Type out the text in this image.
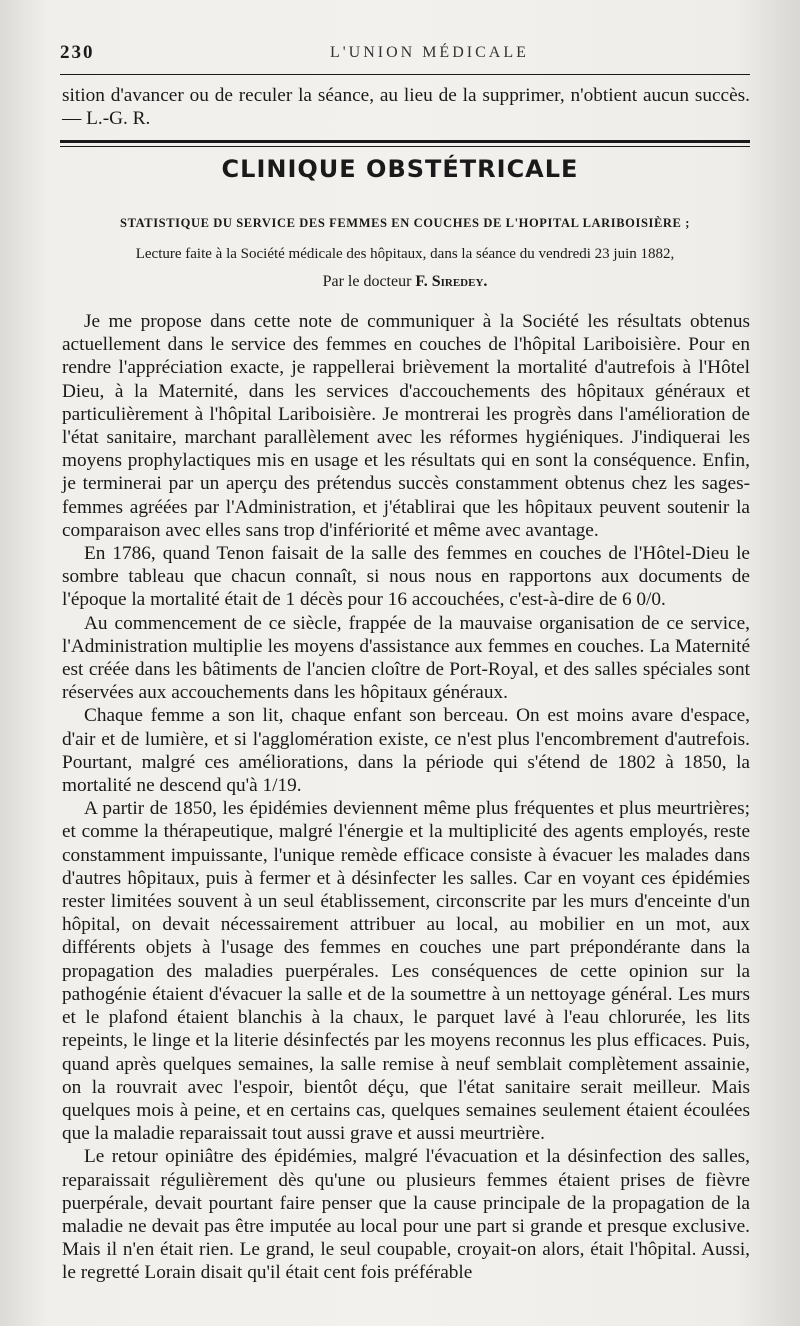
230	L'UNION MÉDICALE

sition d'avancer ou de reculer la séance, au lieu de la supprimer, n'obtient aucun succès. — L.-G. R.

CLINIQUE OBSTÉTRICALE
STATISTIQUE DU SERVICE DES FEMMES EN COUCHES DE L'HOPITAL LARIBOISIÈRE ;
Lecture faite à la Société médicale des hôpitaux, dans la séance du vendredi 23 juin 1882,
Par le docteur F. Siredey.

Je me propose dans cette note de communiquer à la Société les résultats obtenus actuellement dans le service des femmes en couches de l'hôpital Lariboisière. Pour en rendre l'appréciation exacte, je rappellerai brièvement la mortalité d'autrefois à l'Hôtel Dieu, à la Maternité, dans les services d'accouchements des hôpitaux généraux et particulièrement à l'hôpital Lariboisière. Je montrerai les progrès dans l'amélioration de l'état sanitaire, marchant parallèlement avec les réformes hygiéniques. J'indiquerai les moyens prophylactiques mis en usage et les résultats qui en sont la conséquence. Enfin, je terminerai par un aperçu des prétendus succès constamment obtenus chez les sages-femmes agréées par l'Administration, et j'établirai que les hôpitaux peuvent soutenir la comparaison avec elles sans trop d'infériorité et même avec avantage.

En 1786, quand Tenon faisait de la salle des femmes en couches de l'Hôtel-Dieu le sombre tableau que chacun connaît, si nous nous en rapportons aux documents de l'époque la mortalité était de 1 décès pour 16 accouchées, c'est-à-dire de 6 0/0.

Au commencement de ce siècle, frappée de la mauvaise organisation de ce service, l'Administration multiplie les moyens d'assistance aux femmes en couches. La Maternité est créée dans les bâtiments de l'ancien cloître de Port-Royal, et des salles spéciales sont réservées aux accouchements dans les hôpitaux généraux.

Chaque femme a son lit, chaque enfant son berceau. On est moins avare d'espace, d'air et de lumière, et si l'agglomération existe, ce n'est plus l'encombrement d'autrefois. Pourtant, malgré ces améliorations, dans la période qui s'étend de 1802 à 1850, la mortalité ne descend qu'à 1/19.

A partir de 1850, les épidémies deviennent même plus fréquentes et plus meurtrières; et comme la thérapeutique, malgré l'énergie et la multiplicité des agents employés, reste constamment impuissante, l'unique remède efficace consiste à évacuer les malades dans d'autres hôpitaux, puis à fermer et à désinfecter les salles. Car en voyant ces épidémies rester limitées souvent à un seul établissement, circonscrite par les murs d'enceinte d'un hôpital, on devait nécessairement attribuer au local, au mobilier en un mot, aux différents objets à l'usage des femmes en couches une part prépondérante dans la propagation des maladies puerpérales. Les conséquences de cette opinion sur la pathogénie étaient d'évacuer la salle et de la soumettre à un nettoyage général. Les murs et le plafond étaient blanchis à la chaux, le parquet lavé à l'eau chlorurée, les lits repeints, le linge et la literie désinfectés par les moyens reconnus les plus efficaces. Puis, quand après quelques semaines, la salle remise à neuf semblait complètement assainie, on la rouvrait avec l'espoir, bientôt déçu, que l'état sanitaire serait meilleur. Mais quelques mois à peine, et en certains cas, quelques semaines seulement étaient écoulées que la maladie reparaissait tout aussi grave et aussi meurtrière.

Le retour opiniâtre des épidémies, malgré l'évacuation et la désinfection des salles, reparaissait régulièrement dès qu'une ou plusieurs femmes étaient prises de fièvre puerpérale, devait pourtant faire penser que la cause principale de la propagation de la maladie ne devait pas être imputée au local pour une part si grande et presque exclusive. Mais il n'en était rien. Le grand, le seul coupable, croyait-on alors, était l'hôpital. Aussi, le regretté Lorain disait qu'il était cent fois préférable
